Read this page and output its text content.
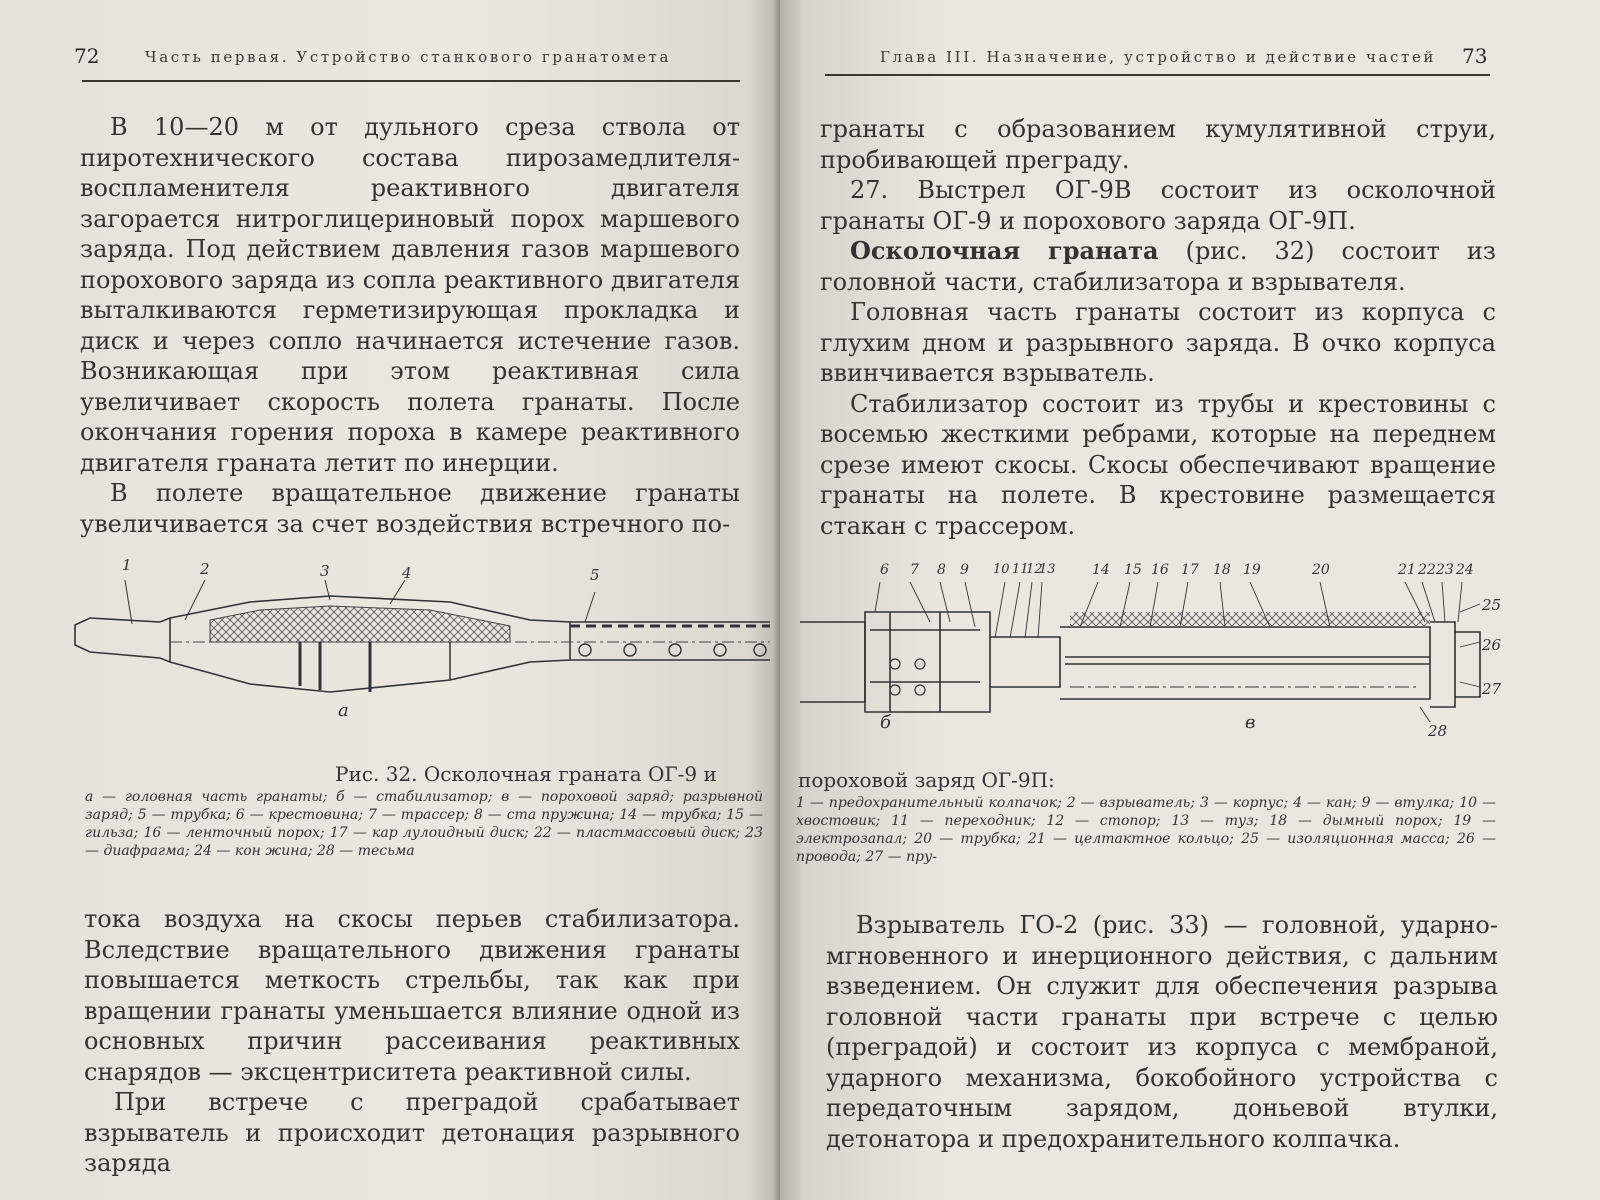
72	Часть первая. Устройство станкового гранатомета

В 10—20 м от дульного среза ствола от пиротехнического состава пирозамедлителя-воспламенителя реактивного двигателя загорается нитроглицериновый порох маршевого заряда. Под действием давления газов маршевого порохового заряда из сопла реактивного двигателя выталкиваются герметизирующая прокладка и диск и через сопло начинается истечение газов. Возникающая при этом реактивная сила увеличивает скорость полета гранаты. После окончания горения пороха в камере реактивного двигателя граната летит по инерции.

В полете вращательное движение гранаты увеличивается за счет воздействия встречного по-

1	2	3	4	5
a
Рис. 32. Осколочная граната ОГ-9 и
а — головная часть гранаты; б — стабилизатор; в — пороховой заряд; разрывной заряд; 5 — трубка; 6 — крестовина; 7 — трассер; 8 — ста пружина; 14 — трубка; 15 — гильза; 16 — ленточный порох; 17 — кар лулоидный диск; 22 — пластмассовый диск; 23 — диафрагма; 24 — кон жина; 28 — тесьма

тока воздуха на скосы перьев стабилизатора. Вследствие вращательного движения гранаты повышается меткость стрельбы, так как при вращении гранаты уменьшается влияние одной из основных причин рассеивания реактивных снарядов — эксцентриситета реактивной силы.

При встрече с преградой срабатывает взрыватель и происходит детонация разрывного заряда

Глава III. Назначение, устройство и действие частей 73

гранаты с образованием кумулятивной струи, пробивающей преграду.

27. Выстрел ОГ-9В состоит из осколочной гранаты ОГ-9 и порохового заряда ОГ-9П.

Осколочная граната (рис. 32) состоит из головной части, стабилизатора и взрывателя.

Головная часть гранаты состоит из корпуса с глухим дном и разрывного заряда. В очко корпуса ввинчивается взрыватель.

Стабилизатор состоит из трубы и крестовины с восемью жесткими ребрами, которые на переднем срезе имеют скосы. Скосы обеспечивают вращение гранаты на полете. В крестовине размещается стакан с трассером.

6 7 8 9 10 11
12
13	14 15 16 17 18 19	20	21 22 23 24
25
26
27
28
б	в
пороховой заряд ОГ-9П:
1 — предохранительный колпачок; 2 — взрыватель; 3 — корпус; 4 — кан; 9 — втулка; 10 — хвостовик; 11 — переходник; 12 — стопор; 13 — туз; 18 — дымный порох; 19 — электрозапал; 20 — трубка; 21 — целтактное кольцо; 25 — изоляционная масса; 26 — провода; 27 — пру-

Взрыватель ГО-2 (рис. 33) — головной, ударно-мгновенного и инерционного действия, с дальним взведением. Он служит для обеспечения разрыва головной части гранаты при встрече с целью (преградой) и состоит из корпуса с мембраной, ударного механизма, бокобойного устройства с передаточным зарядом, доньевой втулки, детонатора и предохранительного колпачка.
